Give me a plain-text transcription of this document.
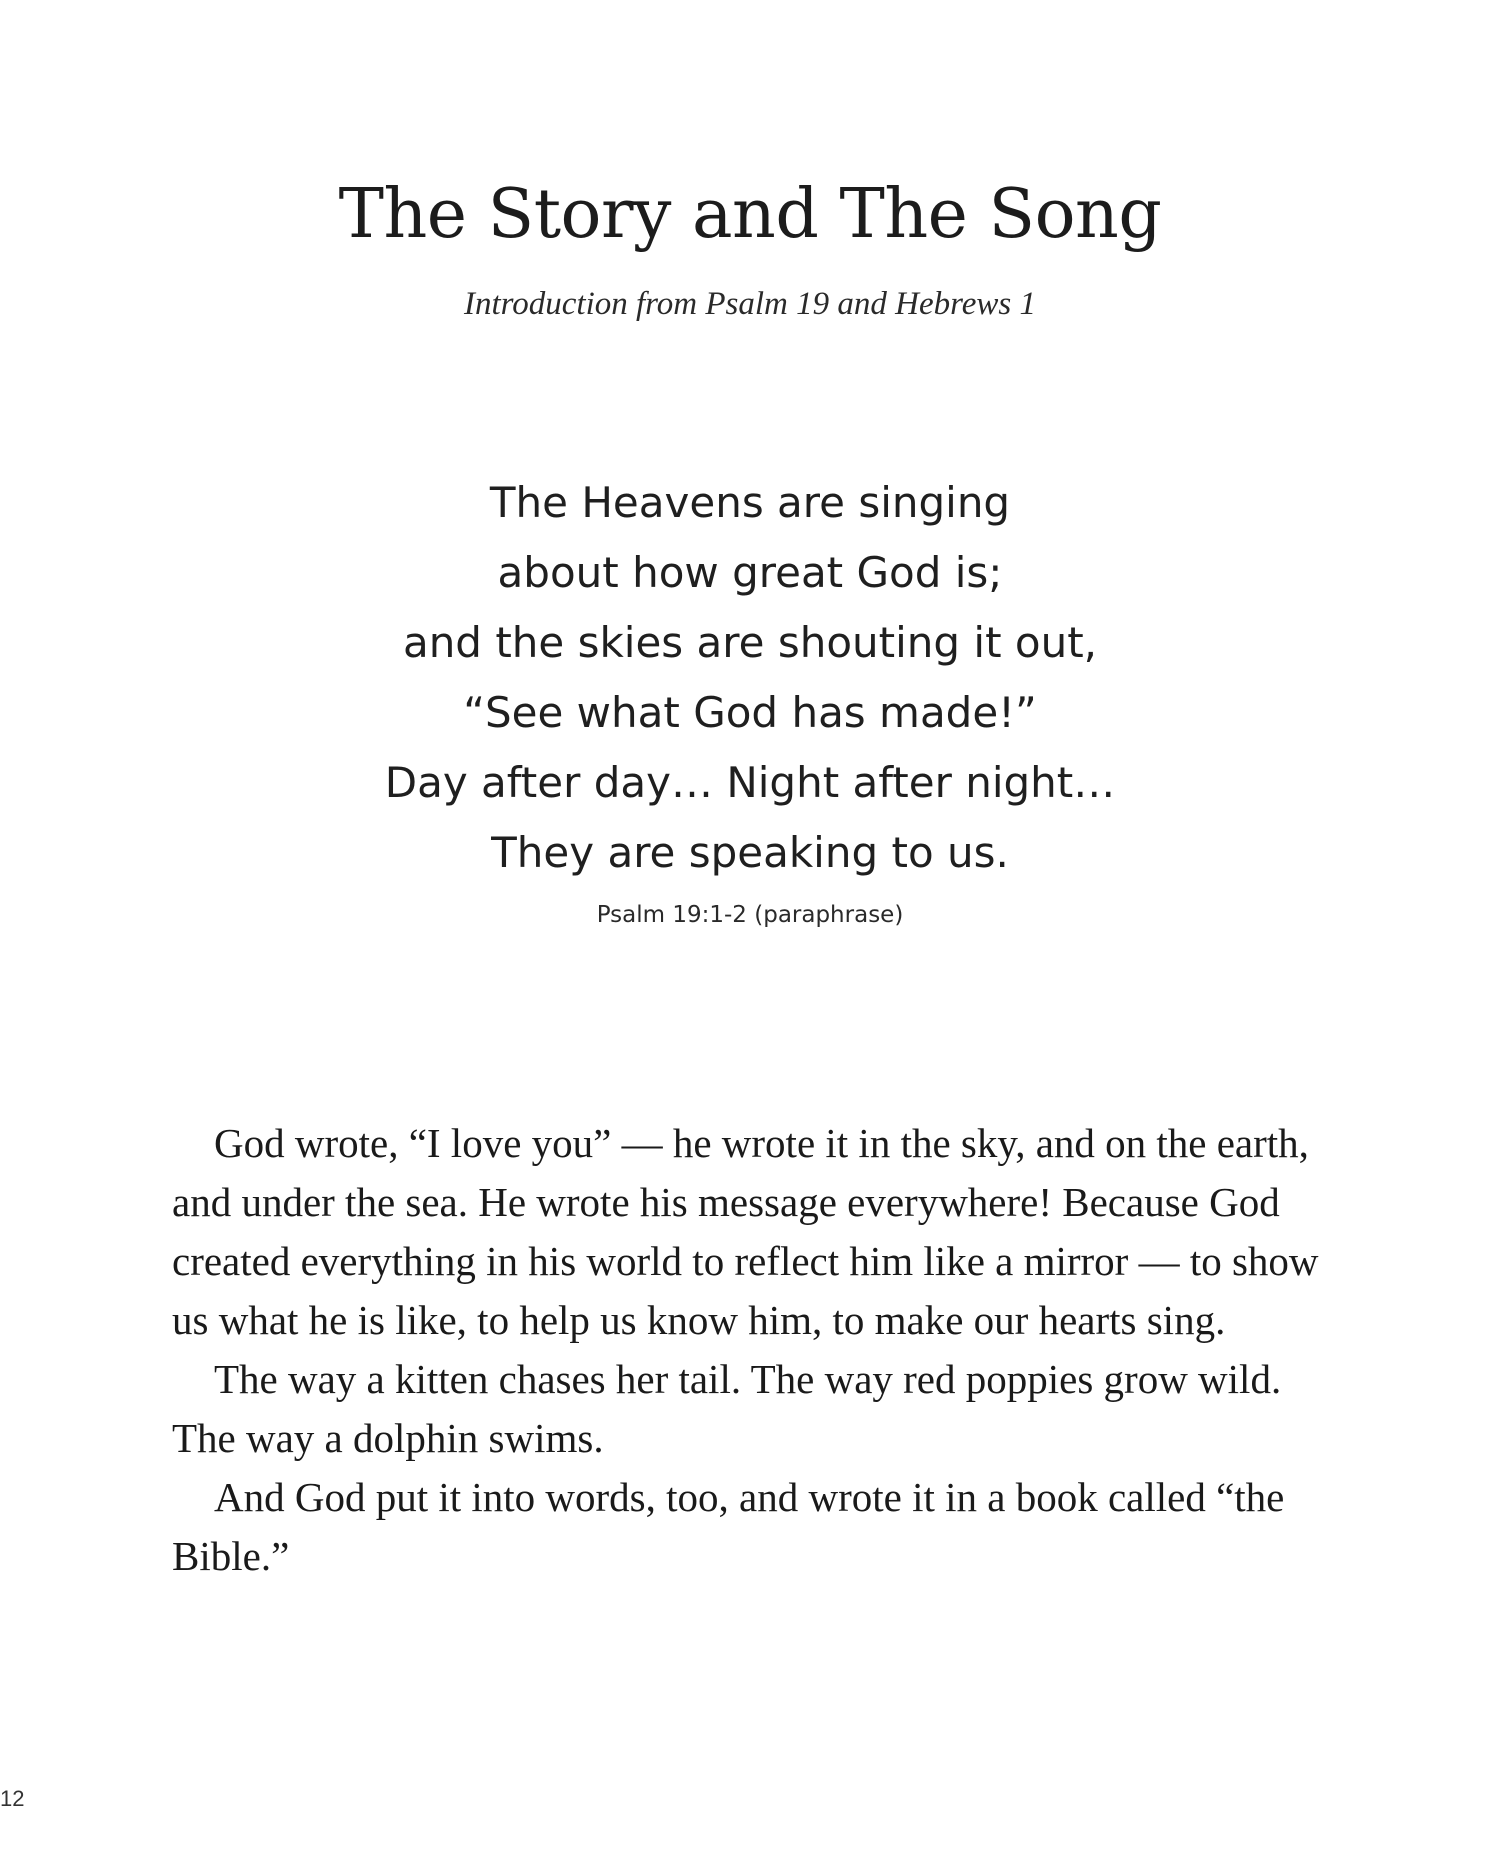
The Story and The Song

Introduction from Psalm 19 and Hebrews 1

The Heavens are singing
about how great God is;
and the skies are shouting it out,
“See what God has made!”
Day after day… Night after night…
They are speaking to us.

Psalm 19:1-2 (paraphrase)

God wrote, “I love you” — he wrote it in the sky, and on the earth, and under the sea. He wrote his message everywhere! Because God created everything in his world to reflect him like a mirror — to show us what he is like, to help us know him, to make our hearts sing.

The way a kitten chases her tail. The way red poppies grow wild. The way a dolphin swims.

And God put it into words, too, and wrote it in a book called “the Bible.”

12
